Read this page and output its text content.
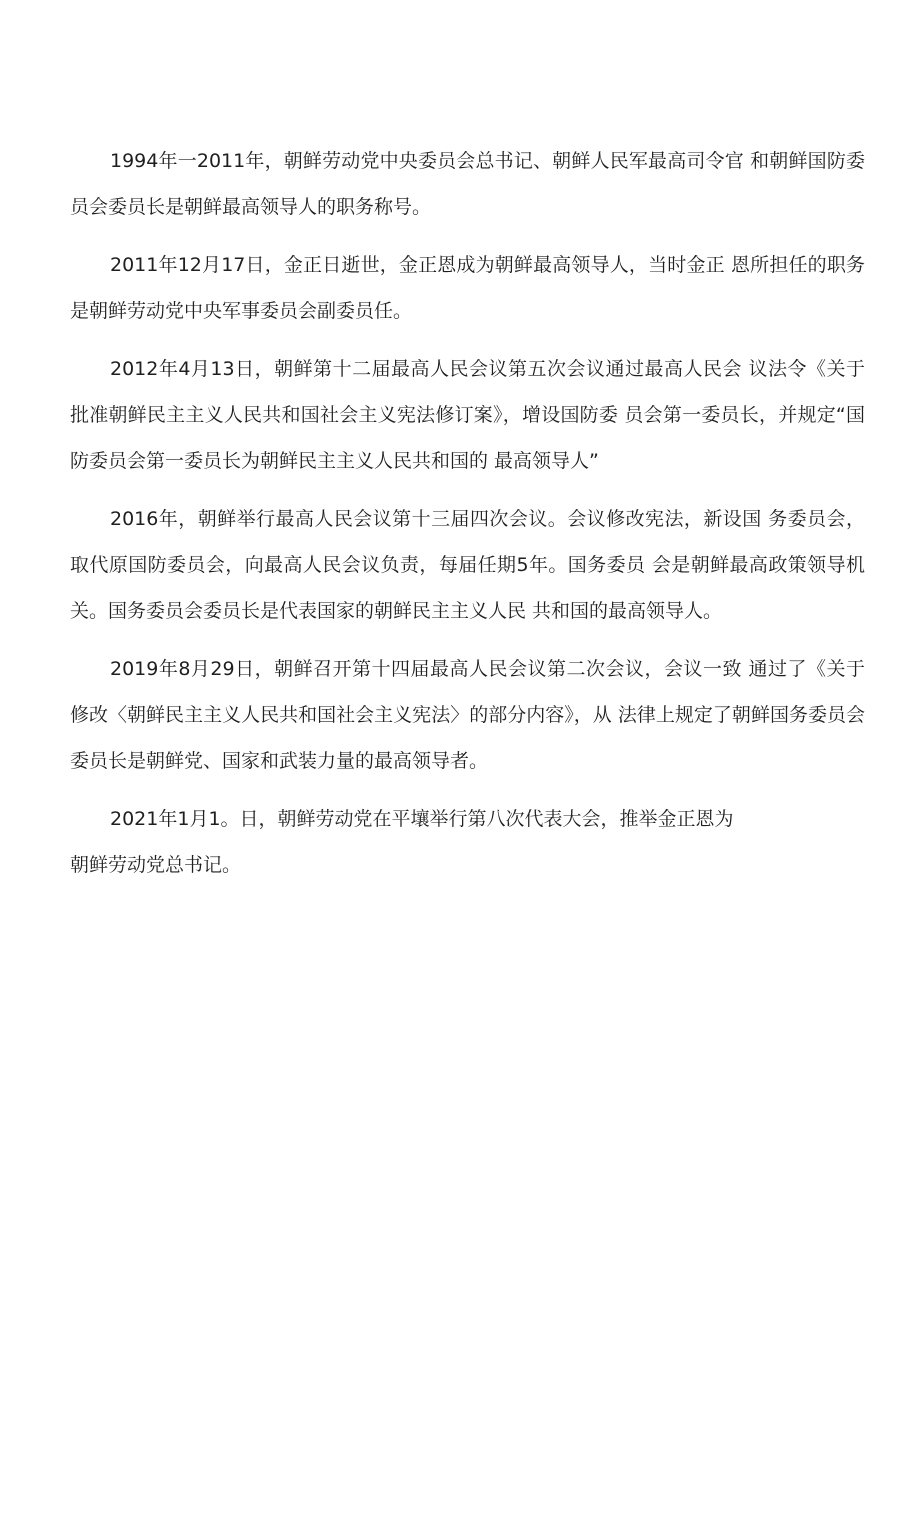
1994年一2011年，朝鲜劳动党中央委员会总书记、朝鲜人民军最高司令官 和朝鲜国防委员会委员长是朝鲜最高领导人的职务称号。

2011年12月17日，金正日逝世，金正恩成为朝鲜最高领导人，当时金正 恩所担任的职务是朝鲜劳动党中央军事委员会副委员任。

2012年4月13日，朝鲜第十二届最高人民会议第五次会议通过最高人民会 议法令《关于批准朝鲜民主主义人民共和国社会主义宪法修订案》，增设国防委 员会第一委员长，并规定“国防委员会第一委员长为朝鲜民主主义人民共和国的 最高领导人”

2016年，朝鲜举行最高人民会议第十三届四次会议。会议修改宪法，新设国 务委员会，取代原国防委员会，向最高人民会议负责，每届任期5年。国务委员 会是朝鲜最高政策领导机关。国务委员会委员长是代表国家的朝鲜民主主义人民 共和国的最高领导人。

2019年8月29日，朝鲜召开第十四届最高人民会议第二次会议，会议一致 通过了《关于修改〈朝鲜民主主义人民共和国社会主义宪法〉的部分内容》，从 法律上规定了朝鲜国务委员会委员长是朝鲜党、国家和武装力量的最高领导者。

2021年1月1。日，朝鲜劳动党在平壤举行第八次代表大会，推举金正恩为

朝鲜劳动党总书记。
